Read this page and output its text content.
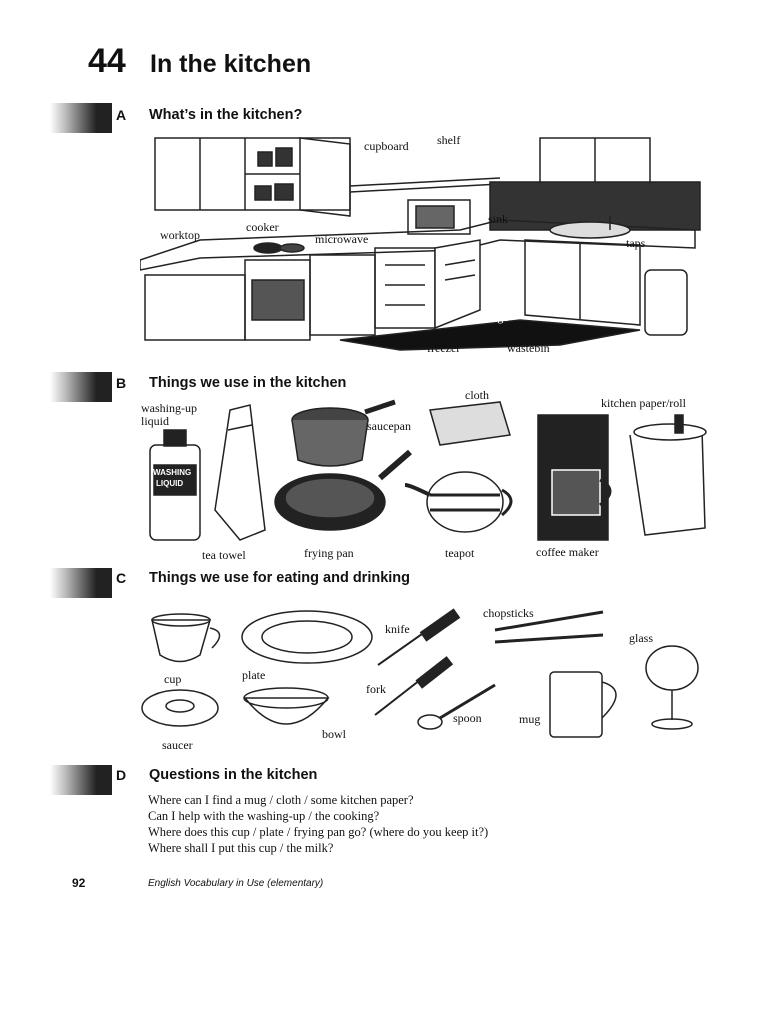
44 In the kitchen
A What’s in the kitchen?
cupboard shelf
sink
worktop
cooker
microwave	taps
fridge
freezer	wastebin
B Things we use in the kitchen
washing-up
liquid
cloth
kitchen paper/roll
saucepan
WASHING
LIQUID
tea towel	frying pan	teapot	coffee maker
C Things we use for eating and drinking
chopsticks
knife
glass
cup	plate
fork
spoon	mug
bowl
saucer
D Questions in the kitchen
Where can I find a mug / cloth / some kitchen paper?
Can I help with the washing-up / the cooking?
Where does this cup / plate / frying pan go? (where do you keep it?)
Where shall I put this cup / the milk?
92	English Vocabulary in Use (elementary)
